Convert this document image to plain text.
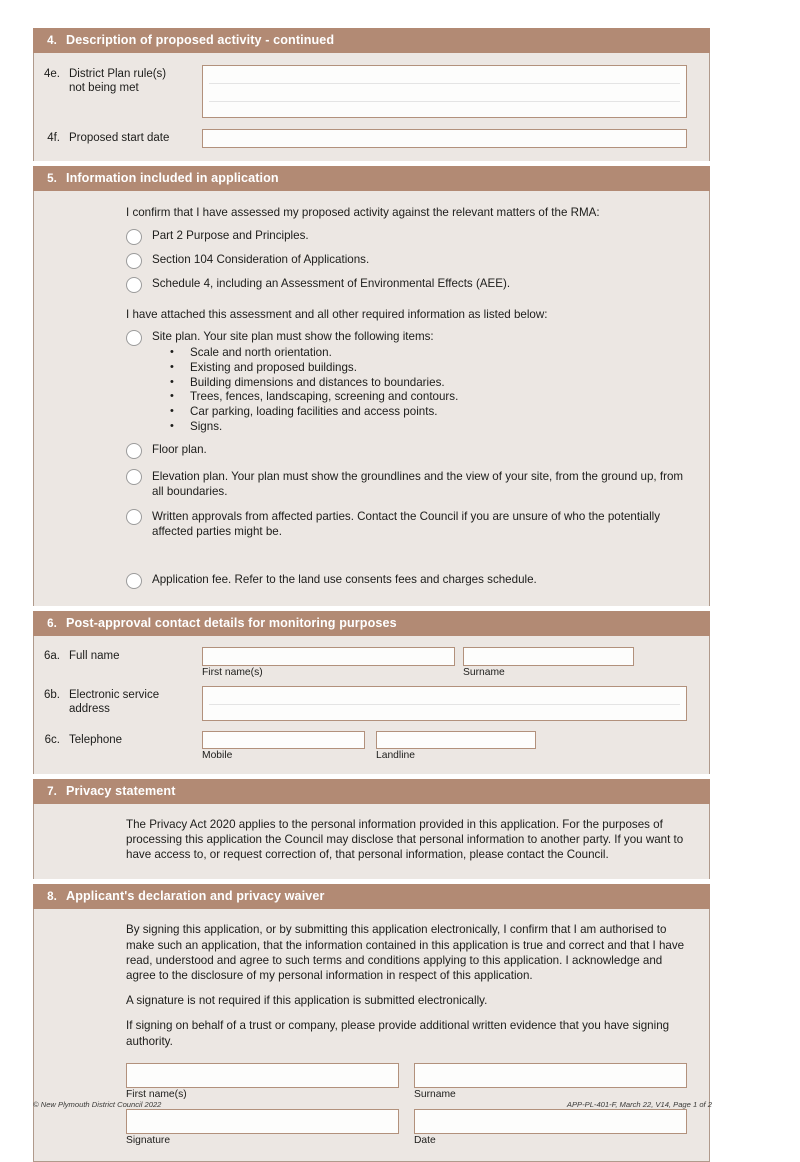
4. Description of proposed activity - continued
4e. District Plan rule(s)
not being met
4f. Proposed start date
5. Information included in application
I confirm that I have assessed my proposed activity against the relevant matters of the RMA:
Part 2 Purpose and Principles.
Section 104 Consideration of Applications.
Schedule 4, including an Assessment of Environmental Effects (AEE).
I have attached this assessment and all other required information as listed below:
Site plan. Your site plan must show the following items:
• Scale and north orientation.
• Existing and proposed buildings.
• Building dimensions and distances to boundaries.
• Trees, fences, landscaping, screening and contours.
• Car parking, loading facilities and access points.
• Signs.
Floor plan.
Elevation plan. Your plan must show the groundlines and the view of your site, from the ground up, from all boundaries.
Written approvals from affected parties. Contact the Council if you are unsure of who the potentially affected parties might be.
Application fee. Refer to the land use consents fees and charges schedule.
6. Post-approval contact details for monitoring purposes
6a. Full name
First name(s)	Surname
6b. Electronic service
address
6c. Telephone
Mobile	Landline
7. Privacy statement

The Privacy Act 2020 applies to the personal information provided in this application. For the purposes of processing this application the Council may disclose that personal information to another party. If you want to have access to, or request correction of, that personal information, please contact the Council.

8. Applicant's declaration and privacy waiver

By signing this application, or by submitting this application electronically, I confirm that I am authorised to make such an application, that the information contained in this application is true and correct and that I have read, understood and agree to such terms and conditions applying to this application. I acknowledge and agree to the disclosure of my personal information in respect of this application.

A signature is not required if this application is submitted electronically.

If signing on behalf of a trust or company, please provide additional written evidence that you have signing authority.

First name(s)	Surname
Signature	Date
© New Plymouth District Council 2022	APP-PL-401-F, March 22, V14, Page 1 of 2
